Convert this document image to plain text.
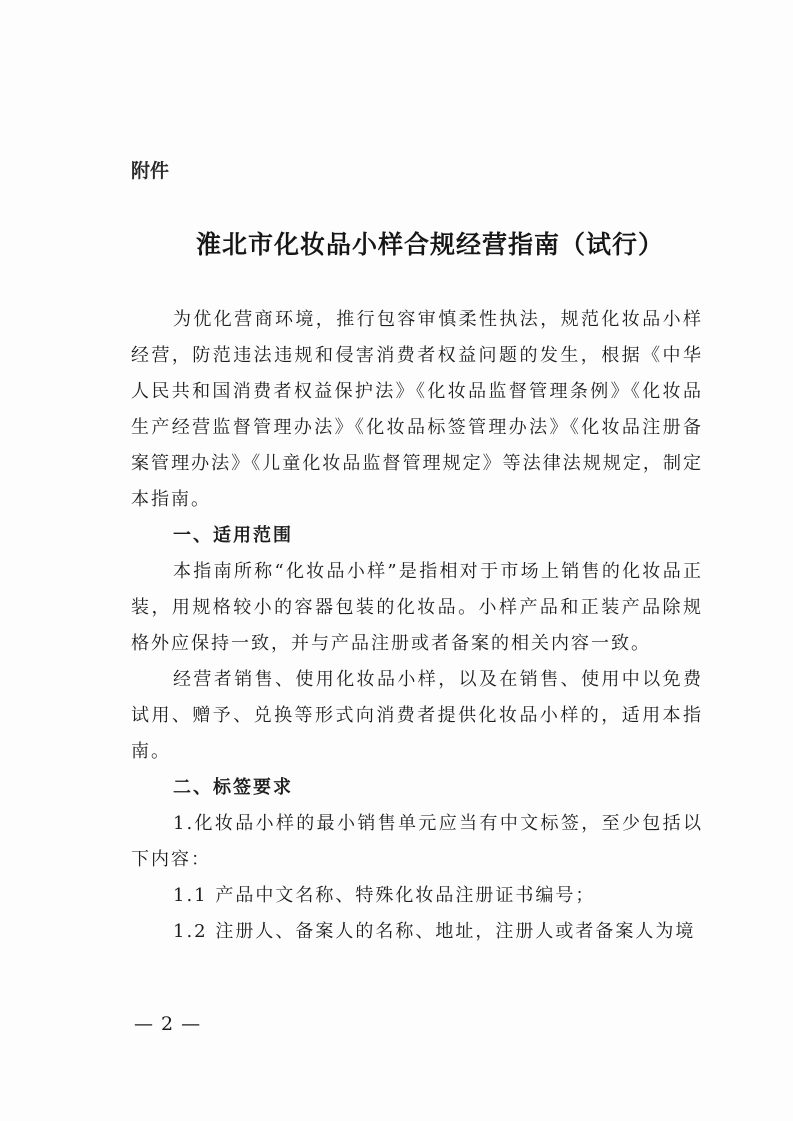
附件
淮北市化妆品小样合规经营指南（试行）

为优化营商环境，推行包容审慎柔性执法，规范化妆品小样经营，防范违法违规和侵害消费者权益问题的发生，根据《中华人民共和国消费者权益保护法》《化妆品监督管理条例》《化妆品生产经营监督管理办法》《化妆品标签管理办法》《化妆品注册备案管理办法》《儿童化妆品监督管理规定》等法律法规规定，制定本指南。

一、适用范围

本指南所称“化妆品小样”是指相对于市场上销售的化妆品正装，用规格较小的容器包装的化妆品。小样产品和正装产品除规格外应保持一致，并与产品注册或者备案的相关内容一致。

经营者销售、使用化妆品小样，以及在销售、使用中以免费试用、赠予、兑换等形式向消费者提供化妆品小样的，适用本指南。

二、标签要求

1.化妆品小样的最小销售单元应当有中文标签，至少包括以下内容：

1.1 产品中文名称、特殊化妆品注册证书编号；

1.2 注册人、备案人的名称、地址，注册人或者备案人为境

— 2 —
